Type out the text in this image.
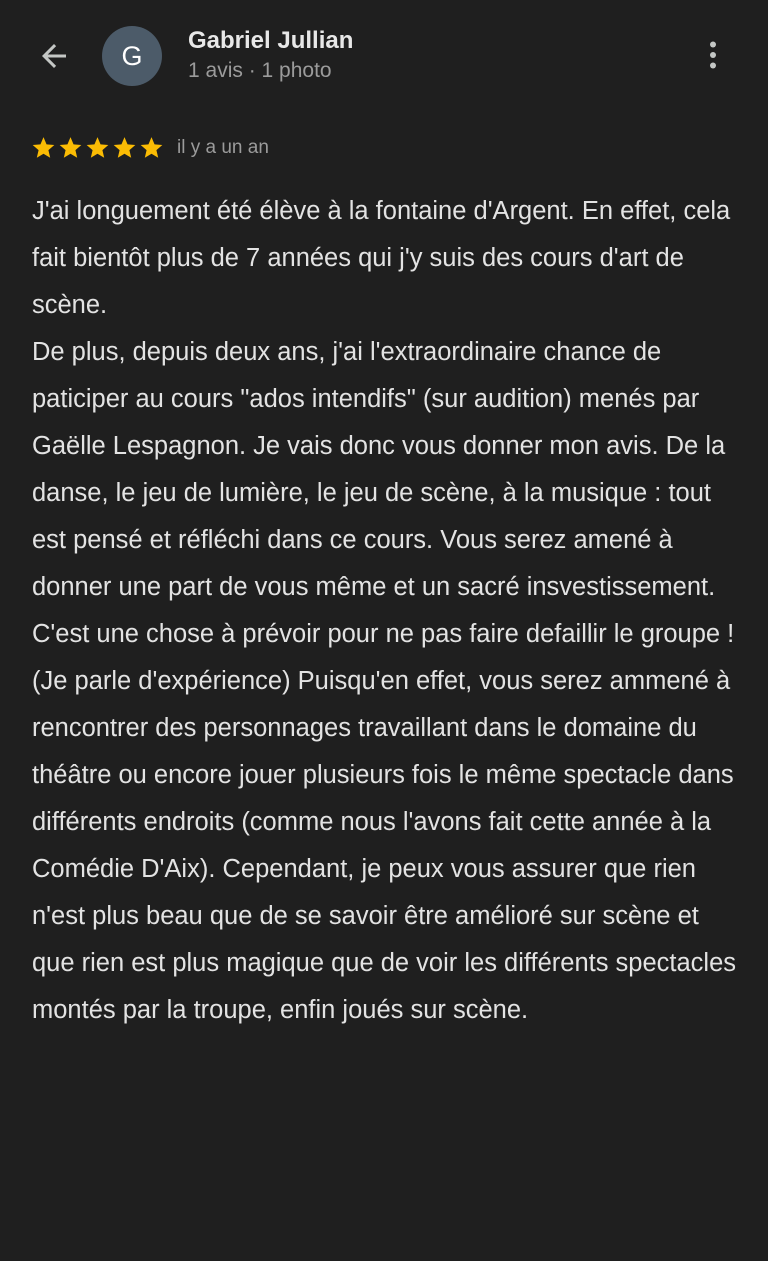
G Gabriel Jullian
1 avis · 1 photo
il y a un an

J'ai longuement été élève à la fontaine d'Argent. En effet, cela fait bientôt plus de 7 années qui j'y suis des cours d'art de scène.
De plus, depuis deux ans, j'ai l'extraordinaire chance de paticiper au cours "ados intendifs" (sur audition) menés par Gaëlle Lespagnon. Je vais donc vous donner mon avis. De la danse, le jeu de lumière, le jeu de scène, à la musique : tout est pensé et réfléchi dans ce cours. Vous serez amené à donner une part de vous même et un sacré insvestissement. C'est une chose à prévoir pour ne pas faire defaillir le groupe ! (Je parle d'expérience) Puisqu'en effet, vous serez ammené à rencontrer des personnages travaillant dans le domaine du théâtre ou encore jouer plusieurs fois le même spectacle dans différents endroits (comme nous l'avons fait cette année à la Comédie D'Aix). Cependant, je peux vous assurer que rien n'est plus beau que de se savoir être amélioré sur scène et que rien est plus magique que de voir les différents spectacles montés par la troupe, enfin joués sur scène.
